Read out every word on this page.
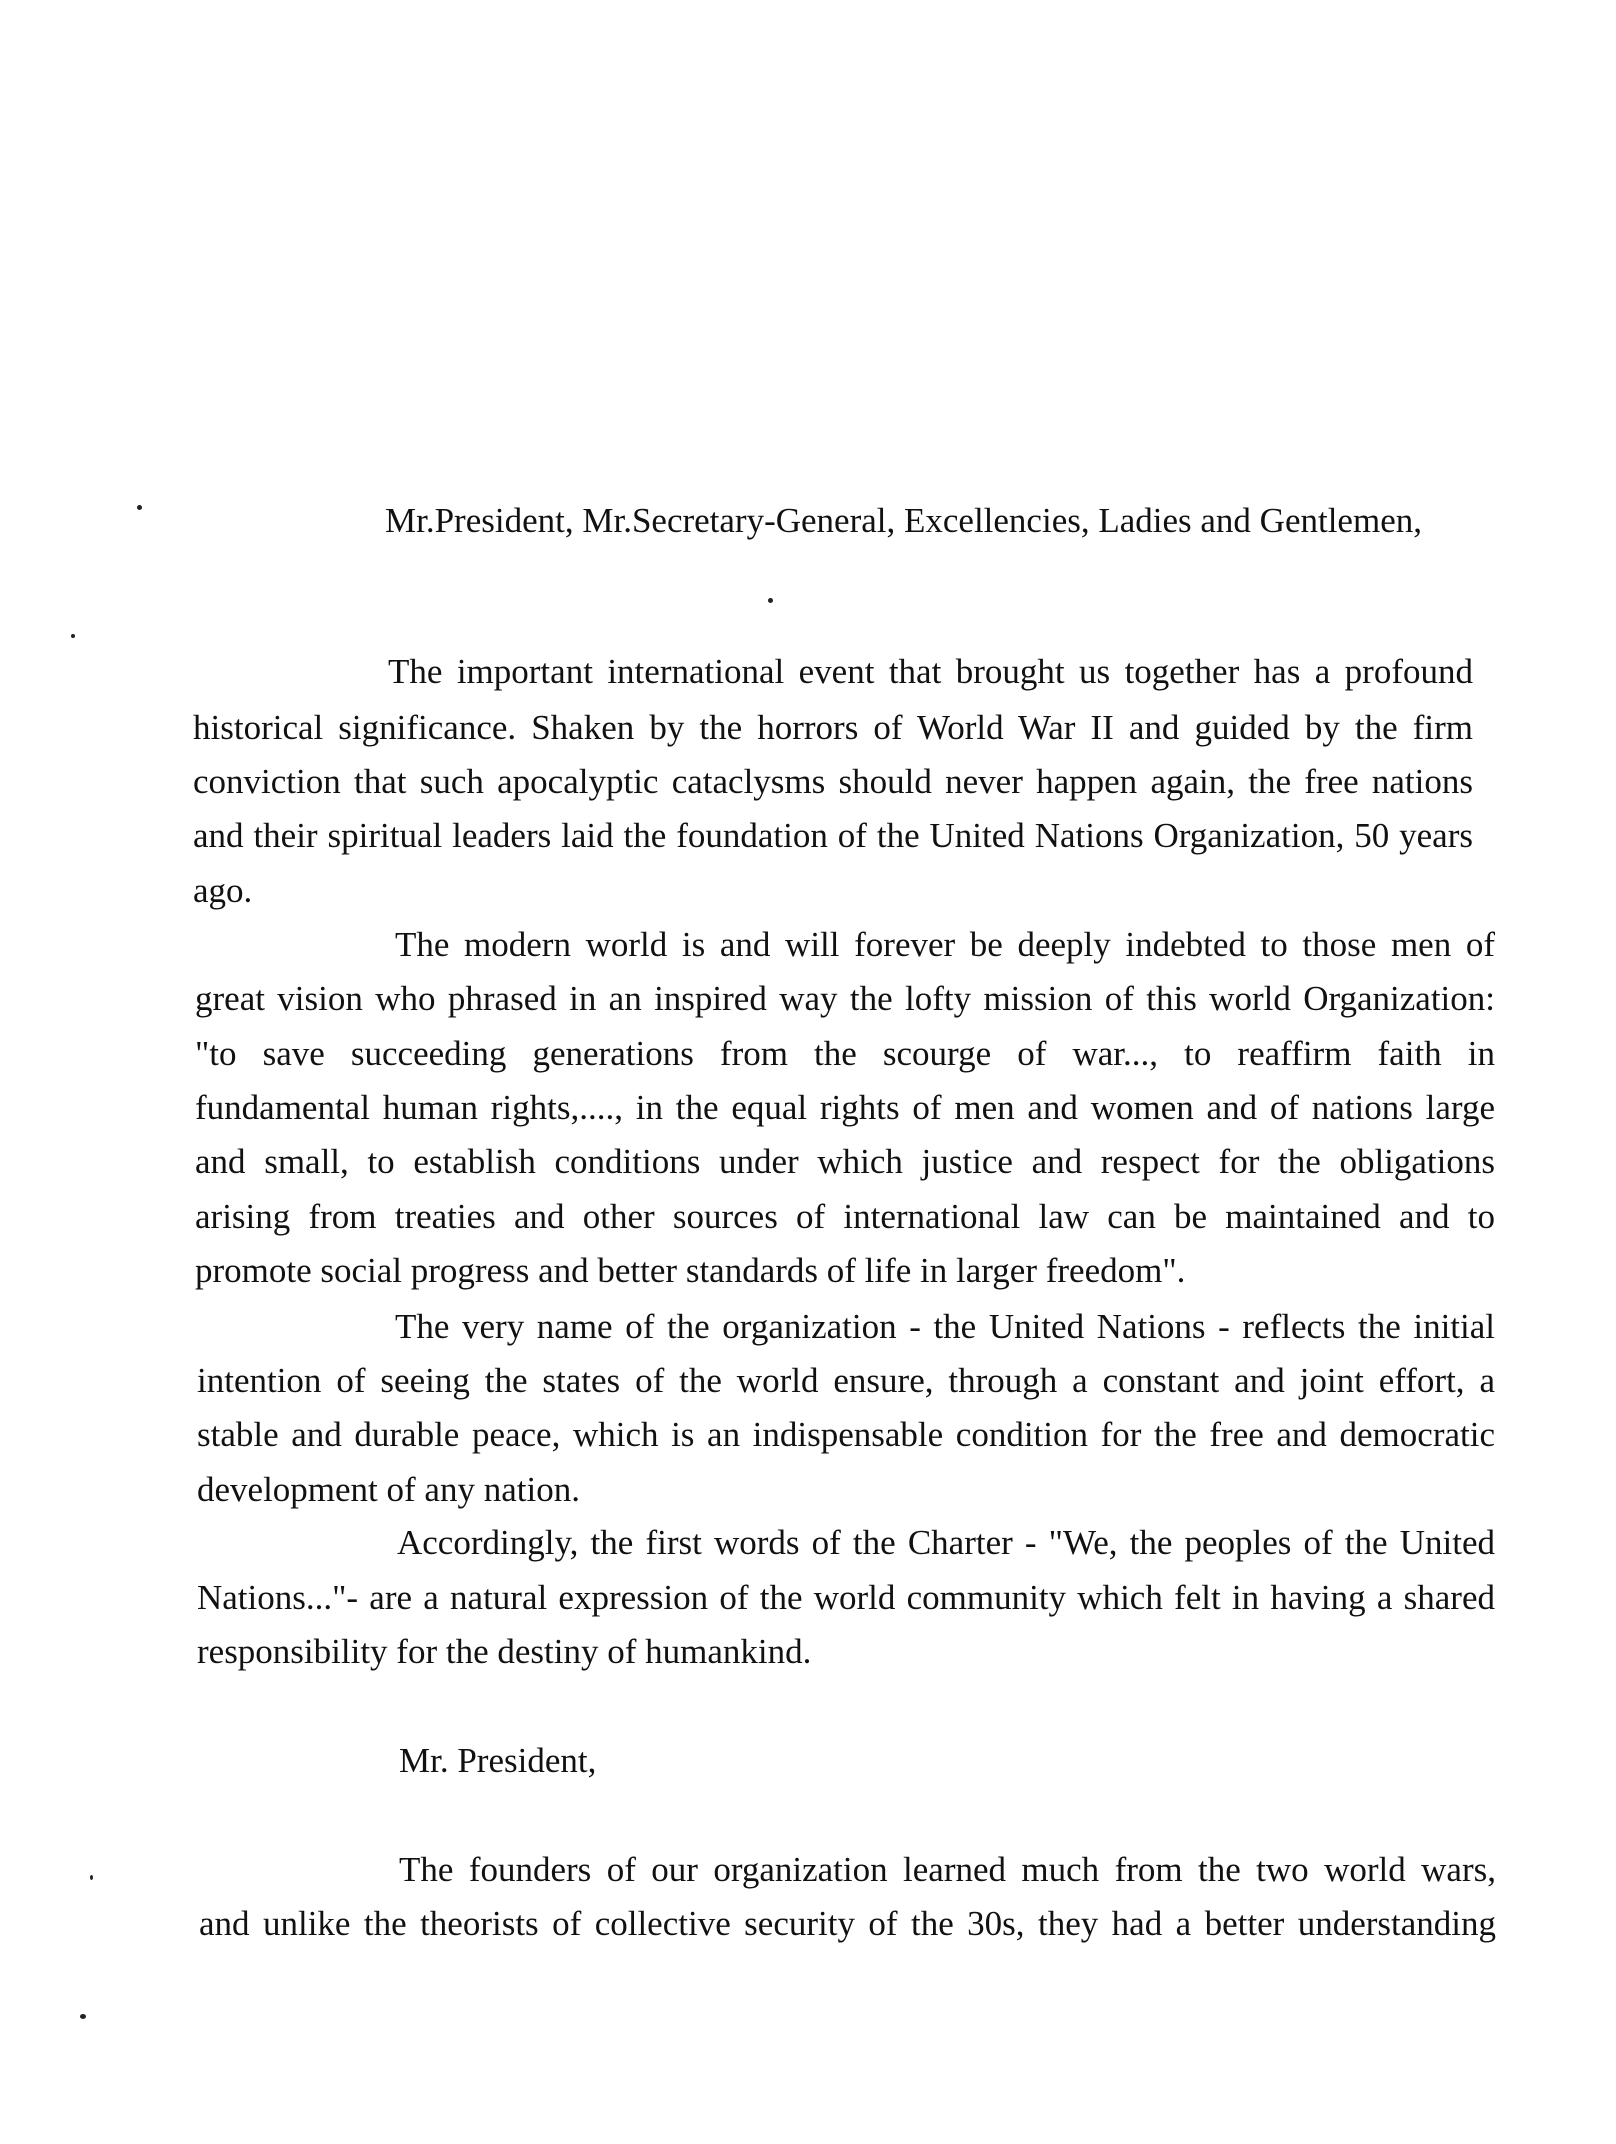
Mr.President, Mr.Secretary-General, Excellencies, Ladies and Gentlemen,
The important international event that brought us together has a profound
historical significance. Shaken by the horrors of World War II and guided by the firm
conviction that such apocalyptic cataclysms should never happen again, the free nations
and their spiritual leaders laid the foundation of the United Nations Organization, 50 years
ago.
The modern world is and will forever be deeply indebted to those men of
great vision who phrased in an inspired way the lofty mission of this world Organization:
"to save succeeding generations from the scourge of war..., to reaffirm faith in
fundamental human rights,...., in the equal rights of men and women and of nations large
and small, to establish conditions under which justice and respect for the obligations
arising from treaties and other sources of international law can be maintained and to
promote social progress and better standards of life in larger freedom".
The very name of the organization - the United Nations - reflects the initial
intention of seeing the states of the world ensure, through a constant and joint effort, a
stable and durable peace, which is an indispensable condition for the free and democratic
development of any nation.
Accordingly, the first words of the Charter - "We, the peoples of the United
Nations..."- are a natural expression of the world community which felt in having a shared
responsibility for the destiny of humankind.
Mr. President,
The founders of our organization learned much from the two world wars,
and unlike the theorists of collective security of the 30s, they had a better understanding
